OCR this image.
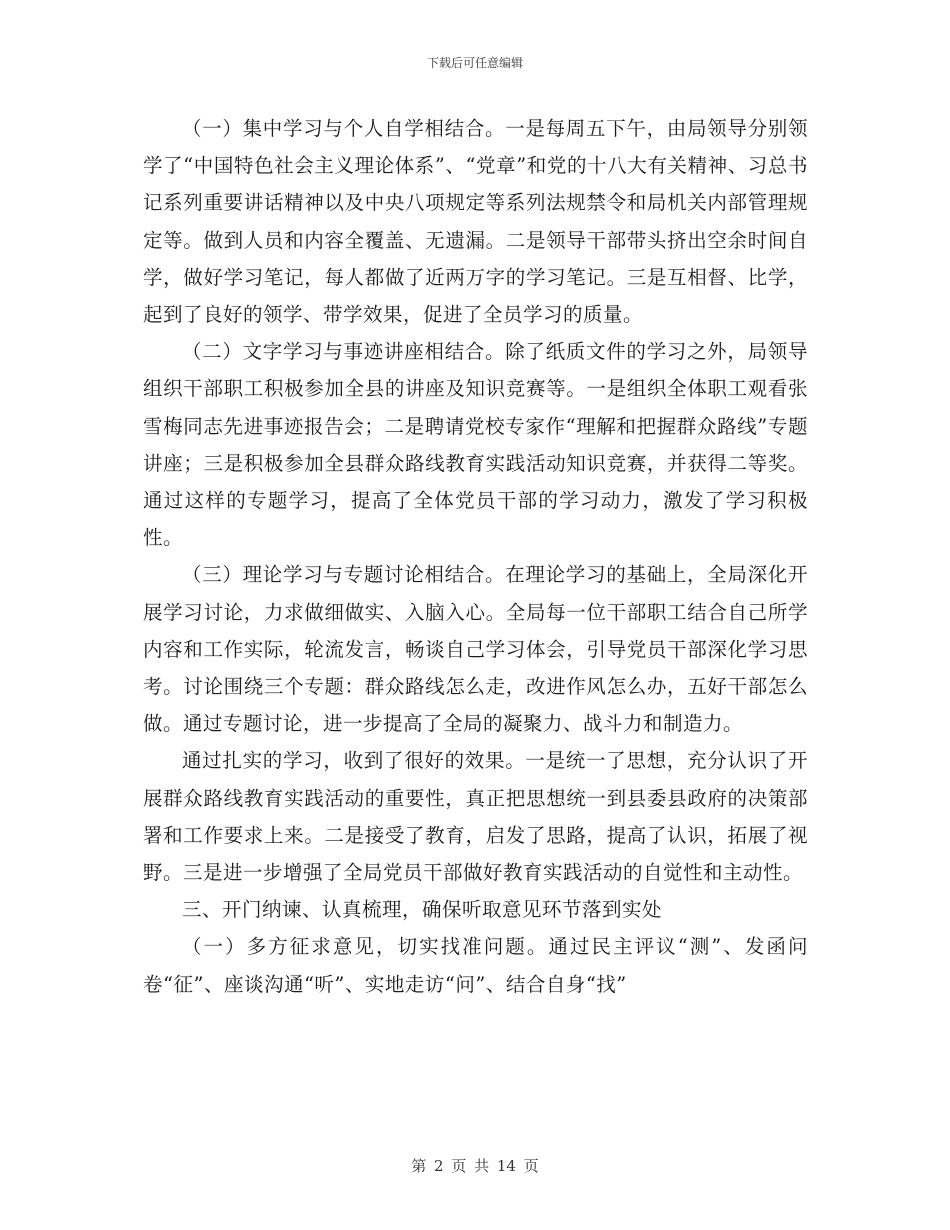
下载后可任意编辑

（一）集中学习与个人自学相结合。一是每周五下午，由局领导分别领学了“中国特色社会主义理论体系”、“党章”和党的十八大有关精神、习总书记系列重要讲话精神以及中央八项规定等系列法规禁令和局机关内部管理规定等。做到人员和内容全覆盖、无遗漏。二是领导干部带头挤出空余时间自学，做好学习笔记，每人都做了近两万字的学习笔记。三是互相督、比学，起到了良好的领学、带学效果，促进了全员学习的质量。

（二）文字学习与事迹讲座相结合。除了纸质文件的学习之外，局领导组织干部职工积极参加全县的讲座及知识竞赛等。一是组织全体职工观看张雪梅同志先进事迹报告会；二是聘请党校专家作“理解和把握群众路线”专题讲座；三是积极参加全县群众路线教育实践活动知识竞赛，并获得二等奖。通过这样的专题学习，提高了全体党员干部的学习动力，激发了学习积极性。

（三）理论学习与专题讨论相结合。在理论学习的基础上，全局深化开展学习讨论，力求做细做实、入脑入心。全局每一位干部职工结合自己所学内容和工作实际，轮流发言，畅谈自己学习体会，引导党员干部深化学习思考。讨论围绕三个专题：群众路线怎么走，改进作风怎么办，五好干部怎么做。通过专题讨论，进一步提高了全局的凝聚力、战斗力和制造力。

通过扎实的学习，收到了很好的效果。一是统一了思想，充分认识了开展群众路线教育实践活动的重要性，真正把思想统一到县委县政府的决策部署和工作要求上来。二是接受了教育，启发了思路，提高了认识，拓展了视野。三是进一步增强了全局党员干部做好教育实践活动的自觉性和主动性。

三、开门纳谏、认真梳理，确保听取意见环节落到实处

（一）多方征求意见，切实找准问题。通过民主评议“测”、发函问卷“征”、座谈沟通“听”、实地走访“问”、结合自身“找”

第 2 页 共 14 页
